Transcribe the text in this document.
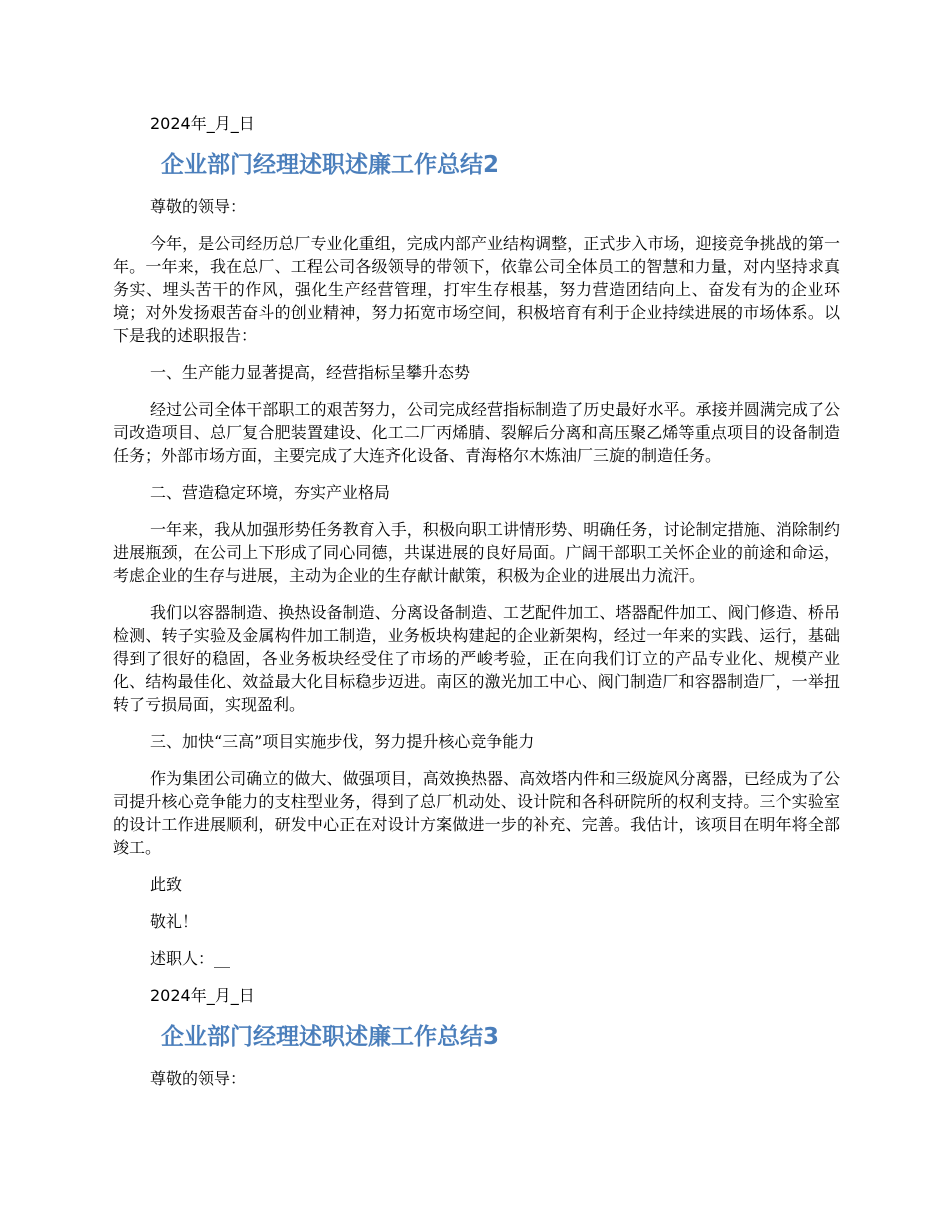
2024年_月_日

企业部门经理述职述廉工作总结2

尊敬的领导：

今年，是公司经历总厂专业化重组，完成内部产业结构调整，正式步入市场，迎接竞争挑战的第一年。一年来，我在总厂、工程公司各级领导的带领下，依靠公司全体员工的智慧和力量，对内坚持求真务实、埋头苦干的作风，强化生产经营管理，打牢生存根基，努力营造团结向上、奋发有为的企业环境；对外发扬艰苦奋斗的创业精神，努力拓宽市场空间，积极培育有利于企业持续进展的市场体系。以下是我的述职报告：

一、生产能力显著提高，经营指标呈攀升态势

经过公司全体干部职工的艰苦努力，公司完成经营指标制造了历史最好水平。承接并圆满完成了公司改造项目、总厂复合肥装置建设、化工二厂丙烯腈、裂解后分离和高压聚乙烯等重点项目的设备制造任务；外部市场方面，主要完成了大连齐化设备、青海格尔木炼油厂三旋的制造任务。

二、营造稳定环境，夯实产业格局

一年来，我从加强形势任务教育入手，积极向职工讲情形势、明确任务，讨论制定措施、消除制约进展瓶颈，在公司上下形成了同心同德，共谋进展的良好局面。广阔干部职工关怀企业的前途和命运，考虑企业的生存与进展，主动为企业的生存献计献策，积极为企业的进展出力流汗。

我们以容器制造、换热设备制造、分离设备制造、工艺配件加工、塔器配件加工、阀门修造、桥吊检测、转子实验及金属构件加工制造，业务板块构建起的企业新架构，经过一年来的实践、运行，基础得到了很好的稳固，各业务板块经受住了市场的严峻考验，正在向我们订立的产品专业化、规模产业化、结构最佳化、效益最大化目标稳步迈进。南区的激光加工中心、阀门制造厂和容器制造厂，一举扭转了亏损局面，实现盈利。

三、加快“三高”项目实施步伐，努力提升核心竞争能力

作为集团公司确立的做大、做强项目，高效换热器、高效塔内件和三级旋风分离器，已经成为了公司提升核心竞争能力的支柱型业务，得到了总厂机动处、设计院和各科研院所的权利支持。三个实验室的设计工作进展顺利，研发中心正在对设计方案做进一步的补充、完善。我估计，该项目在明年将全部竣工。

此致

敬礼！

述职人：__

2024年_月_日

企业部门经理述职述廉工作总结3

尊敬的领导：
